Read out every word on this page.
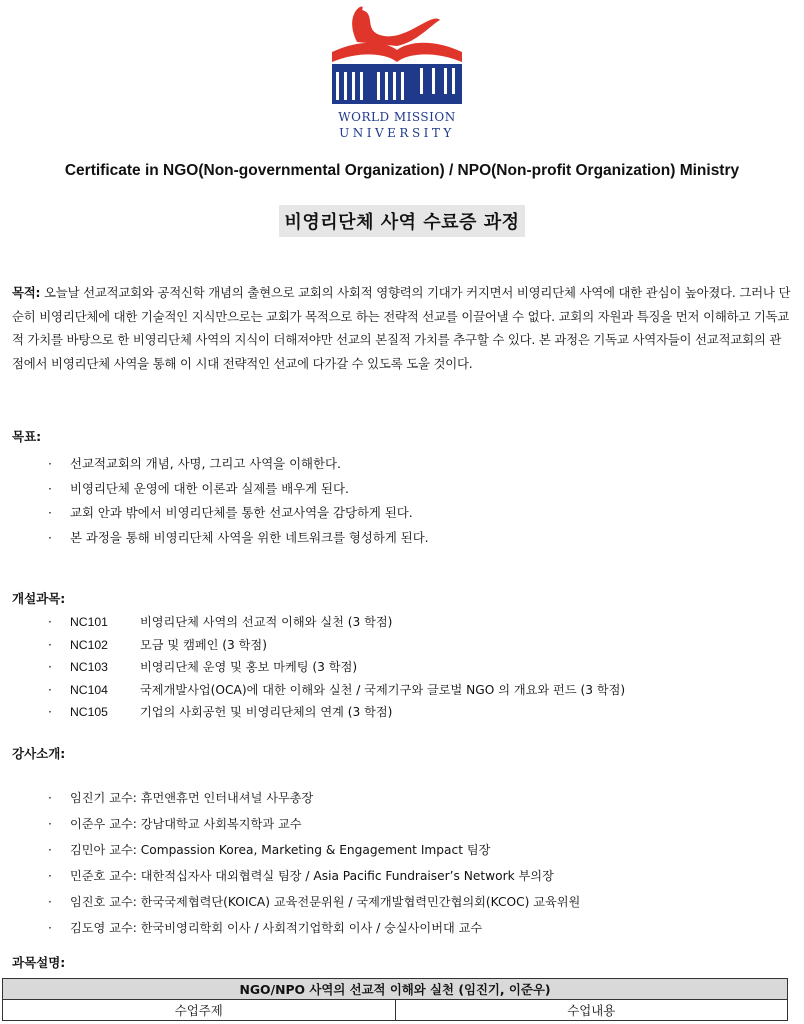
WORLD MISSION
UNIVERSITY
Certificate in NGO(Non-governmental Organization) / NPO(Non-profit Organization) Ministry
비영리단체 사역 수료증 과정
목적: 오늘날 선교적교회와 공적신학 개념의 출현으로 교회의 사회적 영향력의 기대가 커지면서 비영리단체 사역에 대한 관심이 높아졌다. 그러나 단순히 비영리단체에 대한 기술적인 지식만으로는 교회가 목적으로 하는 전략적 선교를 이끌어낼 수 없다. 교회의 자원과 특징을 먼저 이해하고 기독교적 가치를 바탕으로 한 비영리단체 사역의 지식이 더해져야만 선교의 본질적 가치를 추구할 수 있다. 본 과정은 기독교 사역자들이 선교적교회의 관점에서 비영리단체 사역을 통해 이 시대 전략적인 선교에 다가갈 수 있도록 도울 것이다.
목표:
· 선교적교회의 개념, 사명, 그리고 사역을 이해한다.
· 비영리단체 운영에 대한 이론과 실제를 배우게 된다.
· 교회 안과 밖에서 비영리단체를 통한 선교사역을 감당하게 된다.
· 본 과정을 통해 비영리단체 사역을 위한 네트워크를 형성하게 된다.
개설과목:
· NC101	비영리단체 사역의 선교적 이해와 실천 (3 학점)
· NC102	모금 및 캠페인 (3 학점)
· NC103	비영리단체 운영 및 홍보 마케팅 (3 학점)
· NC104	국제개발사업(OCA)에 대한 이해와 실천 / 국제기구와 글로벌 NGO 의 개요와 펀드 (3 학점)
· NC105	기업의 사회공헌 및 비영리단체의 연계 (3 학점)
강사소개:
· 임진기 교수: 휴먼앤휴먼 인터내셔널 사무총장
· 이준우 교수: 강남대학교 사회복지학과 교수
· 김민아 교수: Compassion Korea, Marketing & Engagement Impact 팀장
· 민준호 교수: 대한적십자사 대외협력실 팀장 / Asia Pacific Fundraiser’s Network 부의장
· 임진호 교수: 한국국제협력단(KOICA) 교육전문위원 / 국제개발협력민간협의회(KCOC) 교육위원
· 김도영 교수: 한국비영리학회 이사 / 사회적기업학회 이사 / 숭실사이버대 교수
과목설명:
NGO/NPO 사역의 선교적 이해와 실천 (임진기, 이준우)
수업주제	수업내용
